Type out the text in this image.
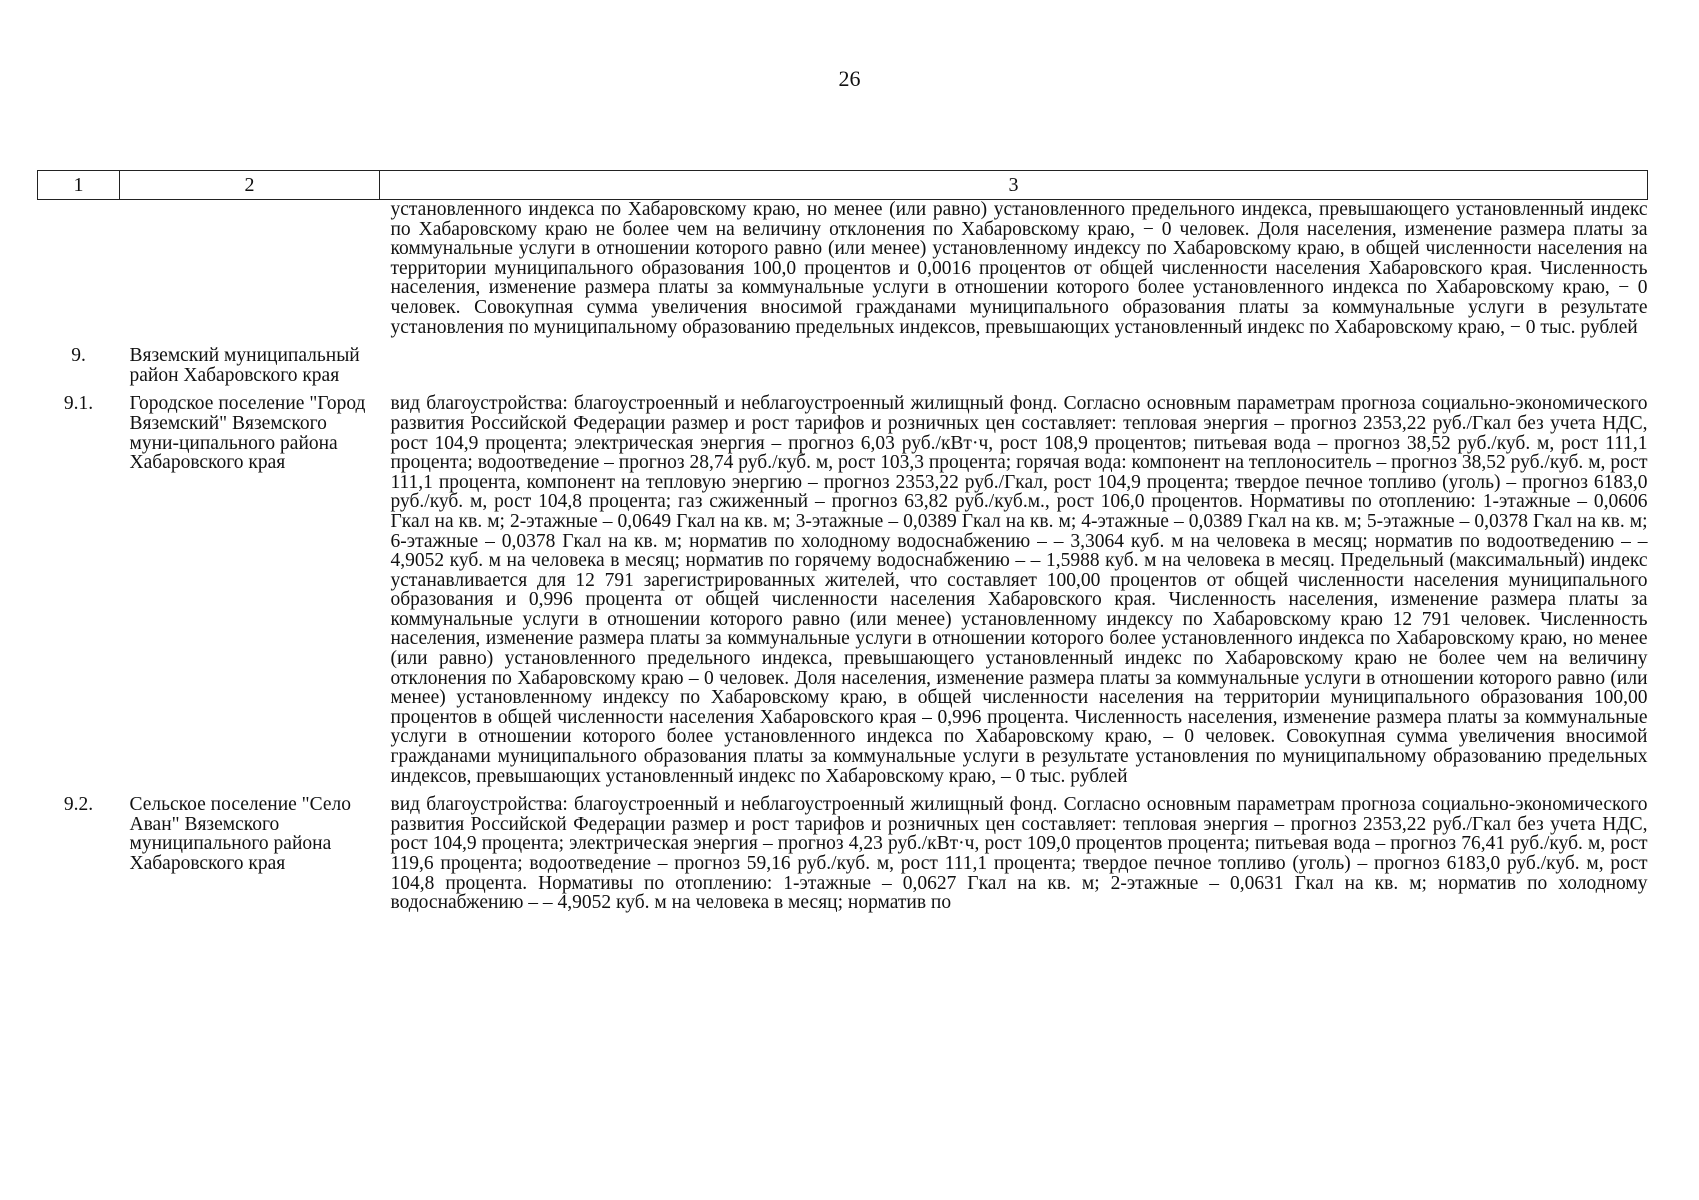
26
1	2	3
		установленного индекса по Хабаровскому краю, но менее (или равно) установленного предельного индекса, превышающего установленный индекс по Хабаровскому краю не более чем на величину отклонения по Хабаровскому краю, − 0 человек. Доля населения, изменение размера платы за коммунальные услуги в отношении которого равно (или менее) установленному индексу по Хабаровскому краю, в общей численности населения на территории муниципального образования 100,0 процентов и 0,0016 процентов от общей численности населения Хабаровского края. Численность населения, изменение размера платы за коммунальные услуги в отношении которого более установленного индекса по Хабаровскому краю, − 0 человек. Совокупная сумма увеличения вносимой гражданами муниципального образования платы за коммунальные услуги в результате установления по муниципальному образованию предельных индексов, превышающих установленный индекс по Хабаровскому краю, − 0 тыс. рублей
9.	Вяземский муниципальный район Хабаровского края	
9.1.	Городское поселение "Город Вяземский" Вяземского муни-ципального района Хабаровского края	вид благоустройства: благоустроенный и неблагоустроенный жилищный фонд. Согласно основным параметрам прогноза социально-экономического развития Российской Федерации размер и рост тарифов и розничных цен составляет: тепловая энергия – прогноз 2353,22 руб./Гкал без учета НДС, рост 104,9 процента; электрическая энергия – прогноз 6,03 руб./кВт·ч, рост 108,9 процентов; питьевая вода – прогноз 38,52 руб./куб. м, рост 111,1 процента; водоотведение – прогноз 28,74 руб./куб. м, рост 103,3 процента; горячая вода: компонент на теплоноситель – прогноз 38,52 руб./куб. м, рост 111,1 процента, компонент на тепловую энергию – прогноз 2353,22 руб./Гкал, рост 104,9 процента; твердое печное топливо (уголь) – прогноз 6183,0 руб./куб. м, рост 104,8 процента; газ сжиженный – прогноз 63,82 руб./куб.м., рост 106,0 процентов. Нормативы по отоплению: 1-этажные – 0,0606 Гкал на кв. м; 2-этажные – 0,0649 Гкал на кв. м; 3-этажные – 0,0389 Гкал на кв. м; 4-этажные – 0,0389 Гкал на кв. м; 5-этажные – 0,0378 Гкал на кв. м; 6-этажные – 0,0378 Гкал на кв. м; норматив по холодному водоснабжению – – 3,3064 куб. м на человека в месяц; норматив по водоотведению – – 4,9052 куб. м на человека в месяц; норматив по горячему водоснабжению – – 1,5988 куб. м на человека в месяц. Предельный (максимальный) индекс устанавливается для 12 791 зарегистрированных жителей, что составляет 100,00 процентов от общей численности населения муниципального образования и 0,996 процента от общей численности населения Хабаровского края. Численность населения, изменение размера платы за коммунальные услуги в отношении которого равно (или менее) установленному индексу по Хабаровскому краю 12 791 человек. Численность населения, изменение размера платы за коммунальные услуги в отношении которого более установленного индекса по Хабаровскому краю, но менее (или равно) установленного предельного индекса, превышающего установленный индекс по Хабаровскому краю не более чем на величину отклонения по Хабаровскому краю – 0 человек. Доля населения, изменение размера платы за коммунальные услуги в отношении которого равно (или менее) установленному индексу по Хабаровскому краю, в общей численности населения на территории муниципального образования 100,00 процентов в общей численности населения Хабаровского края – 0,996 процента. Численность населения, изменение размера платы за коммунальные услуги в отношении которого более установленного индекса по Хабаровскому краю, – 0 человек. Совокупная сумма увеличения вносимой гражданами муниципального образования платы за коммунальные услуги в результате установления по муниципальному образованию предельных индексов, превышающих установленный индекс по Хабаровскому краю, – 0 тыс. рублей
9.2.	Сельское поселение "Село Аван" Вяземского муниципального района Хабаровского края	вид благоустройства: благоустроенный и неблагоустроенный жилищный фонд. Согласно основным параметрам прогноза социально-экономического развития Российской Федерации размер и рост тарифов и розничных цен составляет: тепловая энергия – прогноз 2353,22 руб./Гкал без учета НДС, рост 104,9 процента; электрическая энергия – прогноз 4,23 руб./кВт·ч, рост 109,0 процентов процента; питьевая вода – прогноз 76,41 руб./куб. м, рост 119,6 процента; водоотведение – прогноз 59,16 руб./куб. м, рост 111,1 процента; твердое печное топливо (уголь) – прогноз 6183,0 руб./куб. м, рост 104,8 процента. Нормативы по отоплению: 1-этажные – 0,0627 Гкал на кв. м; 2-этажные – 0,0631 Гкал на кв. м; норматив по холодному водоснабжению – – 4,9052 куб. м на человека в месяц; норматив по
